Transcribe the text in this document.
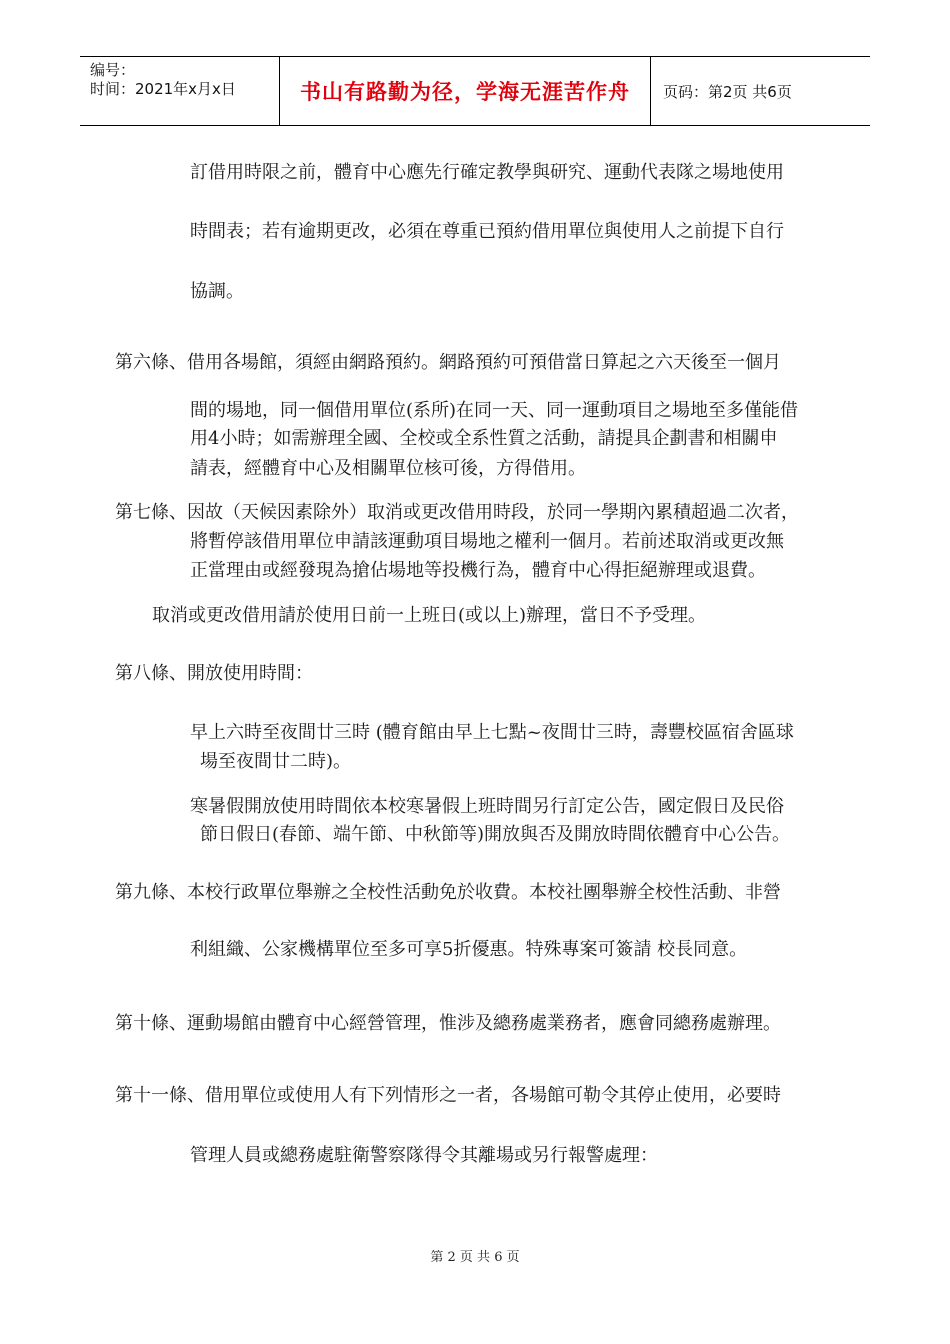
编号：
时间：2021年x月x日	书山有路勤为径，学海无涯苦作舟	页码：第2页 共6页
訂借用時限之前，體育中心應先行確定教學與研究、運動代表隊之場地使用
時間表；若有逾期更改，必須在尊重已預約借用單位與使用人之前提下自行
協調。
第六條、借用各場館，須經由網路預約。網路預約可預借當日算起之六天後至一個月
間的場地，同一個借用單位(系所)在同一天、同一運動項目之場地至多僅能借
用4小時；如需辦理全國、全校或全系性質之活動，請提具企劃書和相關申
請表，經體育中心及相關單位核可後，方得借用。
第七條、因故（天候因素除外）取消或更改借用時段，於同一學期內累積超過二次者，
將暫停該借用單位申請該運動項目場地之權利一個月。若前述取消或更改無
正當理由或經發現為搶佔場地等投機行為，體育中心得拒絕辦理或退費。
取消或更改借用請於使用日前一上班日(或以上)辦理，當日不予受理。
第八條、開放使用時間：
早上六時至夜間廿三時 (體育館由早上七點~夜間廿三時，壽豐校區宿舍區球
場至夜間廿二時)。
寒暑假開放使用時間依本校寒暑假上班時間另行訂定公告，國定假日及民俗
節日假日(春節、端午節、中秋節等)開放與否及開放時間依體育中心公告。
第九條、本校行政單位舉辦之全校性活動免於收費。本校社團舉辦全校性活動、非營
利組織、公家機構單位至多可享5折優惠。特殊專案可簽請 校長同意。
第十條、運動場館由體育中心經營管理，惟涉及總務處業務者，應會同總務處辦理。
第十一條、借用單位或使用人有下列情形之一者，各場館可勒令其停止使用，必要時
管理人員或總務處駐衛警察隊得令其離場或另行報警處理：
第 2 页 共 6 页
